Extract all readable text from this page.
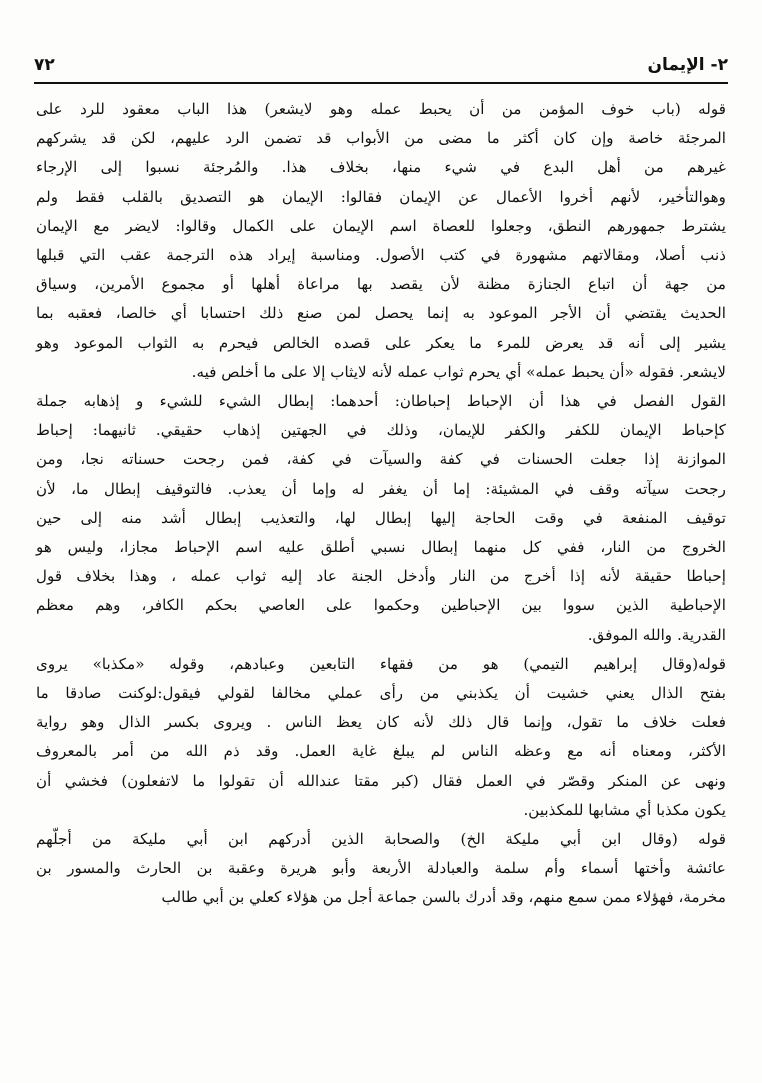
٧٢	٢- الإيمان
قوله (باب خوف المؤمن من أن يحبط عمله وهو لايشعر) هذا الباب معقود للرد على
المرجئة خاصة وإن كان أكثر ما مضى من الأبواب قد تضمن الرد عليهم، لكن قد يشركهم
غيرهم من أهل البدع في شيء منها، بخلاف هذا. والمُرجئة نسبوا إلى الإرجاء
وهوالتأخير، لأنهم أخروا الأعمال عن الإيمان فقالوا: الإيمان هو التصديق بالقلب فقط ولم
يشترط جمهورهم النطق، وجعلوا للعصاة اسم الإيمان على الكمال وقالوا: لايضر مع الإيمان
ذنب أصلا، ومقالاتهم مشهورة في كتب الأصول. ومناسبة إيراد هذه الترجمة عقب التي قبلها
من جهة أن اتباع الجنازة مظنة لأن يقصد بها مراعاة أهلها أو مجموع الأمرين، وسياق
الحديث يقتضي أن الأجر الموعود به إنما يحصل لمن صنع ذلك احتسابا أي خالصا، فعقبه بما
يشير إلى أنه قد يعرض للمرء ما يعكر على قصده الخالص فيحرم به الثواب الموعود وهو
لايشعر. فقوله «أن يحبط عمله» أي يحرم ثواب عمله لأنه لايثاب إلا على ما أخلص فيه.
القول الفصل في هذا أن الإحباط إحباطان: أحدهما: إبطال الشيء للشيء و إذهابه جملة
كإحباط الإيمان للكفر والكفر للإيمان، وذلك في الجهتين إذهاب حقيقي. ثانيهما: إحباط
الموازنة إذا جعلت الحسنات في كفة والسيآت في كفة، فمن رجحت حسناته نجا، ومن
رجحت سيآته وقف في المشيئة: إما أن يغفر له وإما أن يعذب. فالتوقيف إبطال ما، لأن
توقيف المنفعة في وقت الحاجة إليها إبطال لها، والتعذيب إبطال أشد منه إلى حين
الخروج من النار، ففي كل منهما إبطال نسبي أطلق عليه اسم الإحباط مجازا، وليس هو
إحباطا حقيقة لأنه إذا أخرج من النار وأدخل الجنة عاد إليه ثواب عمله ، وهذا بخلاف قول
الإحباطية الذين سووا بين الإحباطين وحكموا على العاصي بحكم الكافر، وهم معظم
القدرية. والله الموفق.
قوله(وقال إبراهيم التيمي) هو من فقهاء التابعين وعبادهم، وقوله «مكذبا» يروى
بفتح الذال يعني خشيت أن يكذبني من رأى عملي مخالفا لقولي فيقول:لوكنت صادقا ما
فعلت خلاف ما تقول، وإنما قال ذلك لأنه كان يعظ الناس . ويروى بكسر الذال وهو رواية
الأكثر، ومعناه أنه مع وعظه الناس لم يبلغ غاية العمل. وقد ذم الله من أمر بالمعروف
ونهى عن المنكر وقصّر في العمل فقال (كبر مقتا عندالله أن تقولوا ما لاتفعلون) فخشي أن
يكون مكذبا أي مشابها للمكذبين.
قوله (وقال ابن أبي مليكة الخ) والصحابة الذين أدركهم ابن أبي مليكة من أجلّهم
عائشة وأختها أسماء وأم سلمة والعبادلة الأربعة وأبو هريرة وعقبة بن الحارث والمسور بن
مخرمة، فهؤلاء ممن سمع منهم، وقد أدرك بالسن جماعة أجل من هؤلاء كعلي بن أبي طالب
